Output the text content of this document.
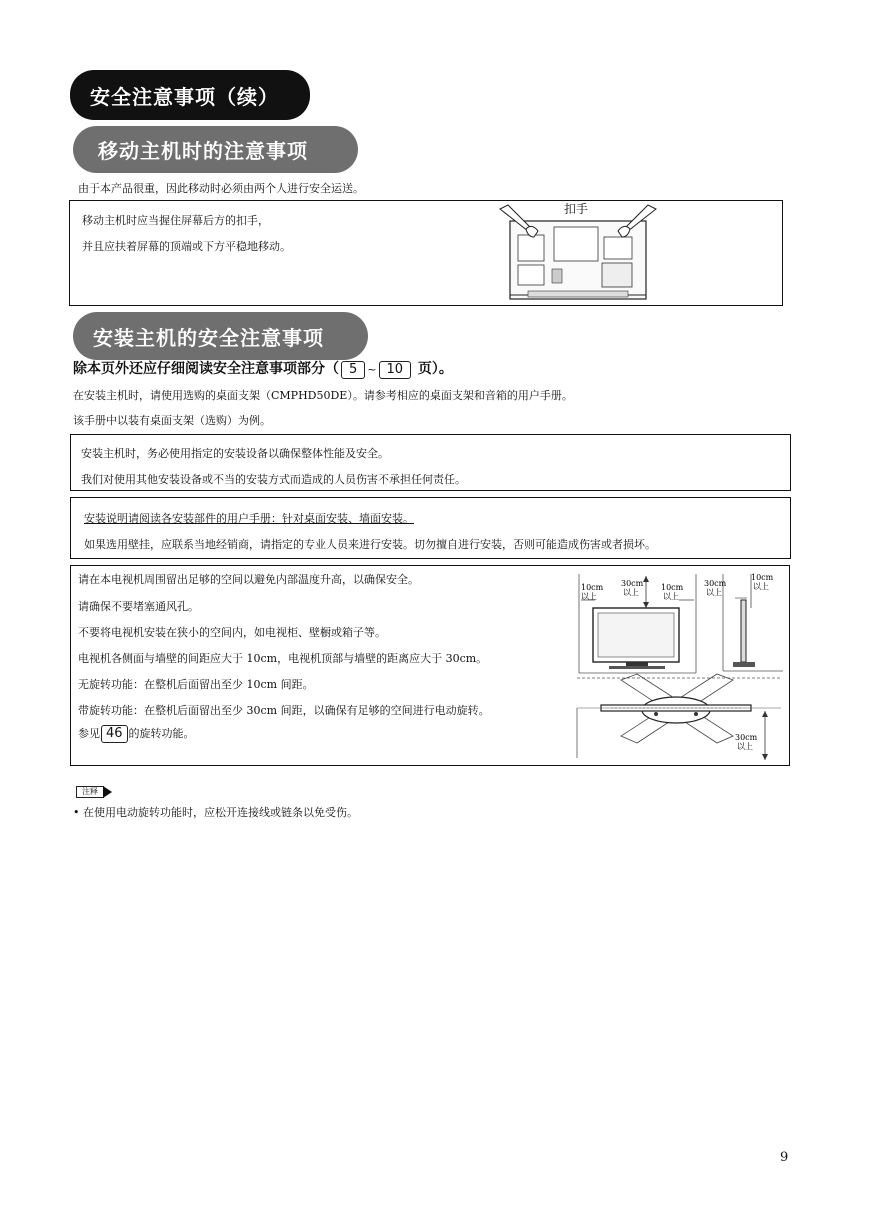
安全注意事项（续）
移动主机时的注意事项
由于本产品很重，因此移动时必须由两个人进行安全运送。
移动主机时应当握住屏幕后方的扣手，
并且应扶着屏幕的顶端或下方平稳地移动。
扣手
安装主机的安全注意事项
除本页外还应仔细阅读安全注意事项部分（ 5 ~ 10 页）。
在安装主机时，请使用选购的桌面支架（CMPHD50DE）。请参考相应的桌面支架和音箱的用户手册。
该手册中以装有桌面支架（选购）为例。
安装主机时，务必使用指定的安装设备以确保整体性能及安全。
我们对使用其他安装设备或不当的安装方式而造成的人员伤害不承担任何责任。
安装说明请阅读各安装部件的用户手册：针对桌面安装、墙面安装。
如果选用壁挂，应联系当地经销商，请指定的专业人员来进行安装。切勿擅自进行安装，否则可能造成伤害或者损坏。
请在本电视机周围留出足够的空间以避免内部温度升高，以确保安全。
请确保不要堵塞通风孔。
不要将电视机安装在狭小的空间内，如电视柜、壁橱或箱子等。
电视机各侧面与墙壁的间距应大于 10cm，电视机顶部与墙壁的距离应大于 30cm。
无旋转功能：在整机后面留出至少 10cm 间距。
带旋转功能：在整机后面留出至少 30cm 间距，以确保有足够的空间进行电动旋转。
参见 46 的旋转功能。
10cm
以上
30cm
以上
10cm
以上
30cm
以上
10cm
以上
30cm
以上
注释
• 在使用电动旋转功能时，应松开连接线或链条以免受伤。
9
